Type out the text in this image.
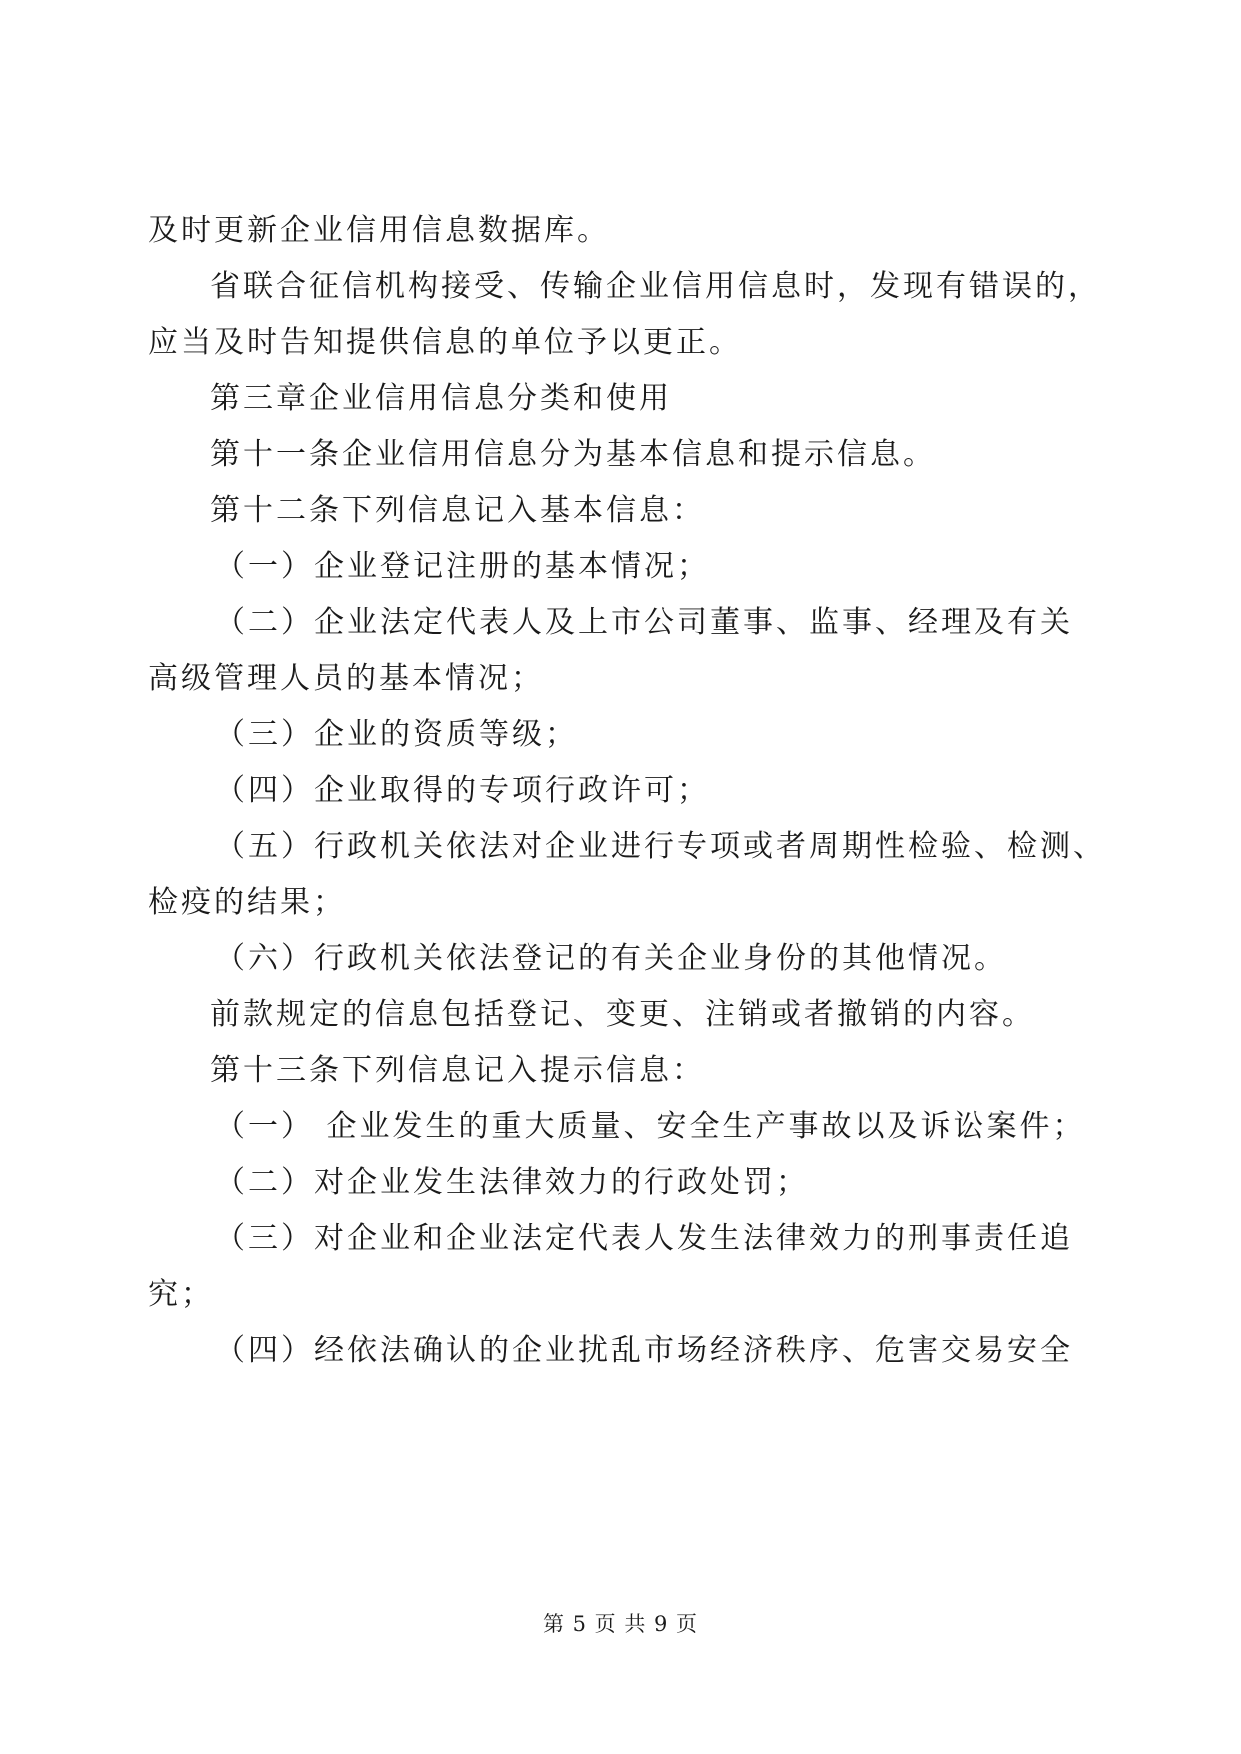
及时更新企业信用信息数据库。
省联合征信机构接受、传输企业信用信息时，发现有错误的，
应当及时告知提供信息的单位予以更正。
第三章企业信用信息分类和使用
第十一条企业信用信息分为基本信息和提示信息。
第十二条下列信息记入基本信息：
（一）企业登记注册的基本情况；
（二）企业法定代表人及上市公司董事、监事、经理及有关
高级管理人员的基本情况；
（三）企业的资质等级；
（四）企业取得的专项行政许可；
（五）行政机关依法对企业进行专项或者周期性检验、检测、
检疫的结果；
（六）行政机关依法登记的有关企业身份的其他情况。
前款规定的信息包括登记、变更、注销或者撤销的内容。
第十三条下列信息记入提示信息：
（一） 企业发生的重大质量、安全生产事故以及诉讼案件；
（二）对企业发生法律效力的行政处罚；
（三）对企业和企业法定代表人发生法律效力的刑事责任追
究；
（四）经依法确认的企业扰乱市场经济秩序、危害交易安全
第 5 页 共 9 页
